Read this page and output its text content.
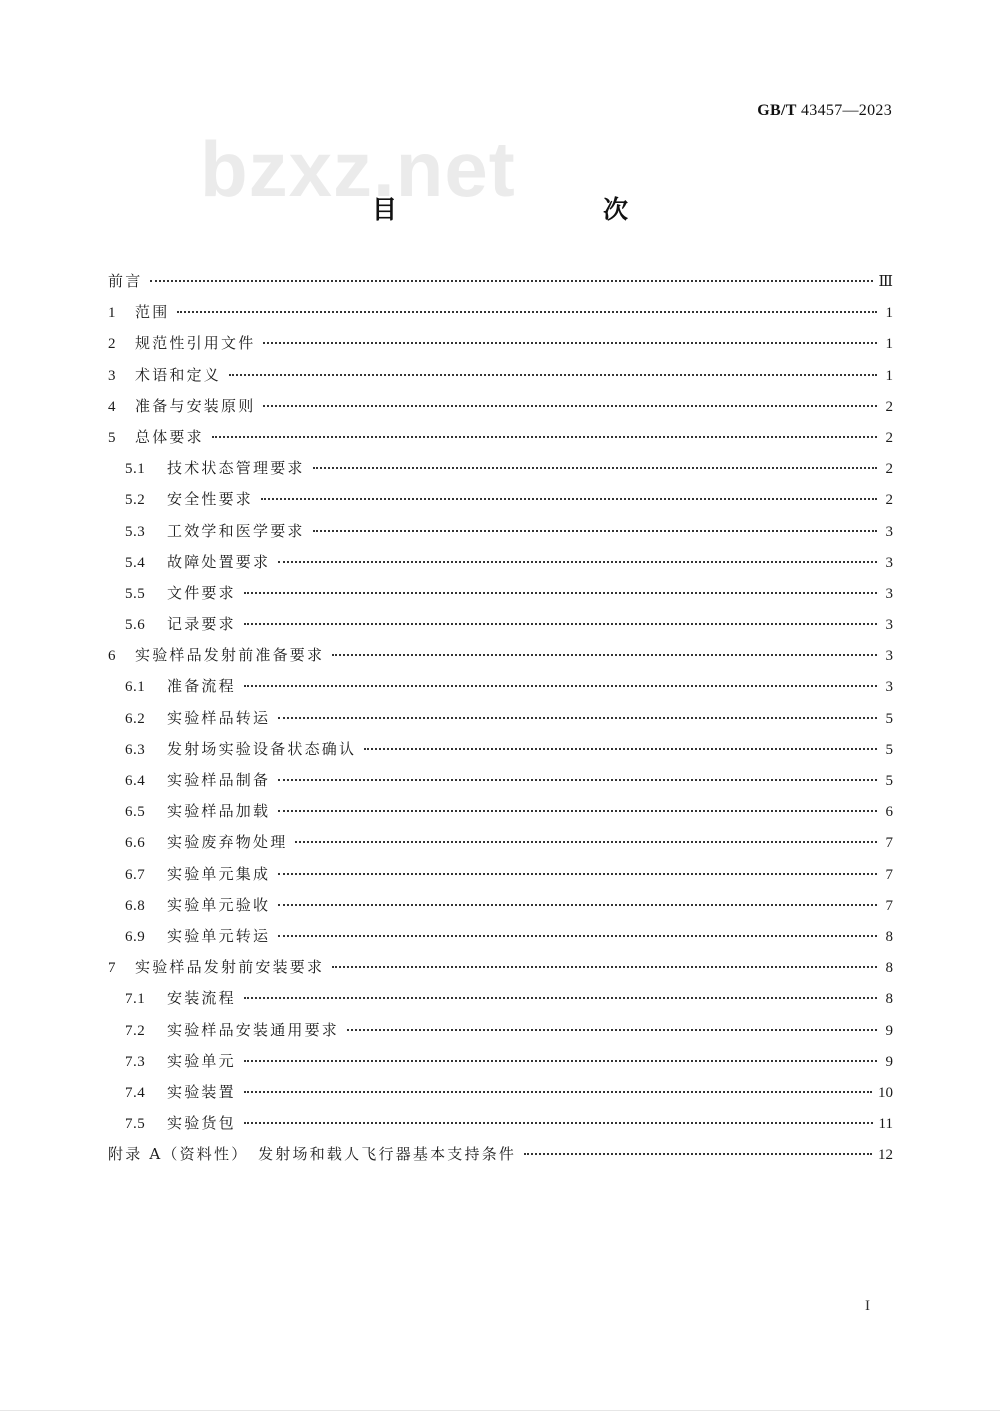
GB/T 43457—2023
bzxz.net
目　　次
前言	Ⅲ
1	范围	1
2	规范性引用文件	1
3	术语和定义	1
4	准备与安装原则	2
5	总体要求	2
5.1	技术状态管理要求	2
5.2	安全性要求	2
5.3	工效学和医学要求	3
5.4	故障处置要求	3
5.5	文件要求	3
5.6	记录要求	3
6	实验样品发射前准备要求	3
6.1	准备流程	3
6.2	实验样品转运	5
6.3	发射场实验设备状态确认	5
6.4	实验样品制备	5
6.5	实验样品加载	6
6.6	实验废弃物处理	7
6.7	实验单元集成	7
6.8	实验单元验收	7
6.9	实验单元转运	8
7	实验样品发射前安装要求	8
7.1	安装流程	8
7.2	实验样品安装通用要求	9
7.3	实验单元	9
7.4	实验装置	10
7.5	实验货包	11
附录 A（资料性）　发射场和载人飞行器基本支持条件	12
I
